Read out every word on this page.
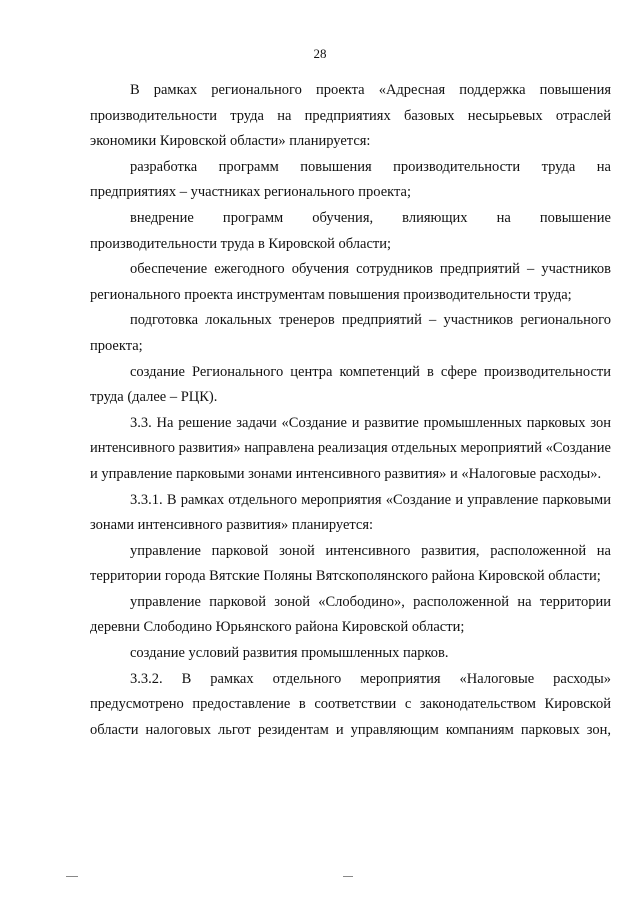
28

В рамках регионального проекта «Адресная поддержка повышения производительности труда на предприятиях базовых несырьевых отраслей экономики Кировской области» планируется:

разработка программ повышения производительности труда на предприятиях – участниках регионального проекта;

внедрение программ обучения, влияющих на повышение производительности труда в Кировской области;

обеспечение ежегодного обучения сотрудников предприятий – участников регионального проекта инструментам повышения производительности труда;

подготовка локальных тренеров предприятий – участников регионального проекта;

создание Регионального центра компетенций в сфере производительности труда (далее – РЦК).

3.3. На решение задачи «Создание и развитие промышленных парковых зон интенсивного развития» направлена реализация отдельных мероприятий «Создание и управление парковыми зонами интенсивного развития» и «Налоговые расходы».

3.3.1. В рамках отдельного мероприятия «Создание и управление парковыми зонами интенсивного развития» планируется:

управление парковой зоной интенсивного развития, расположенной на территории города Вятские Поляны Вятскополянского района Кировской области;

управление парковой зоной «Слободино», расположенной на территории деревни Слободино Юрьянского района Кировской области;

создание условий развития промышленных парков.

3.3.2. В рамках отдельного мероприятия «Налоговые расходы» предусмотрено предоставление в соответствии с законодательством Кировской области налоговых льгот резидентам и управляющим компаниям парковых зон,
